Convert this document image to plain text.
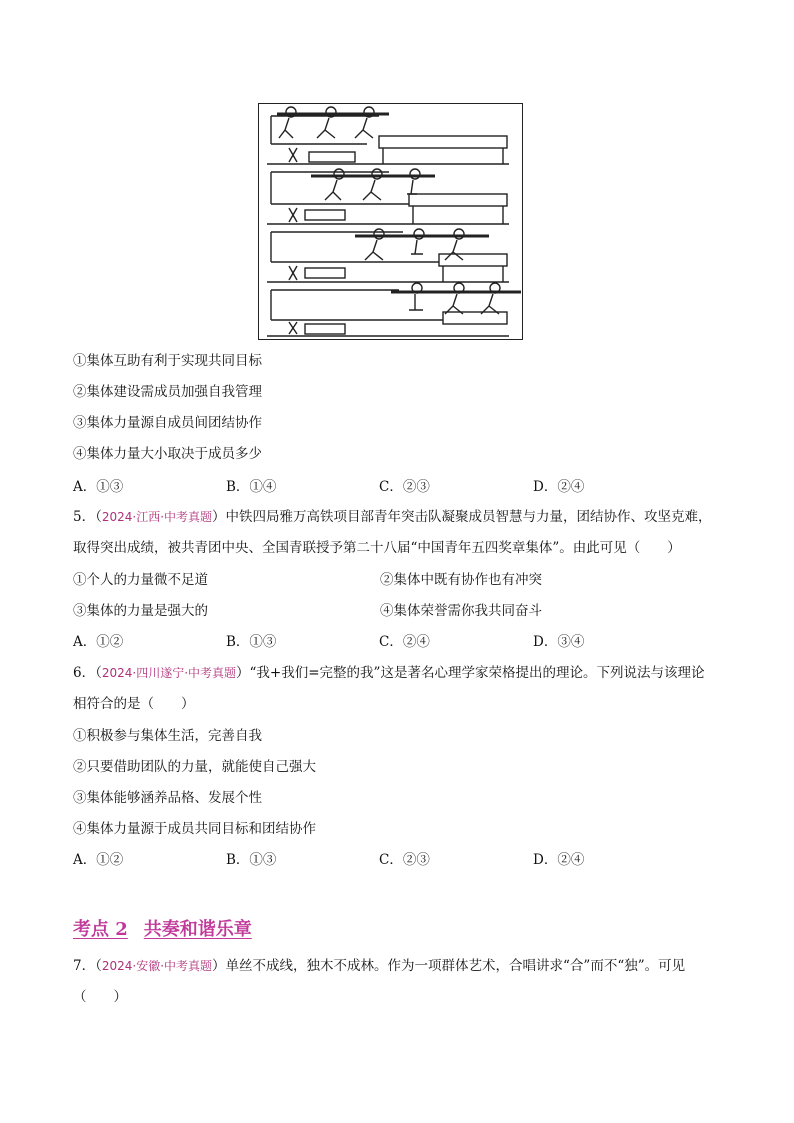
①集体互助有利于实现共同目标
②集体建设需成员加强自我管理
③集体力量源自成员间团结协作
④集体力量大小取决于成员多少
A．①③	B．①④	C．②③	D．②④
5．（2024·江西·中考真题）中铁四局雅万高铁项目部青年突击队凝聚成员智慧与力量，团结协作、攻坚克难，
取得突出成绩，被共青团中央、全国青联授予第二十八届“中国青年五四奖章集体”。由此可见（　　）
①个人的力量微不足道	②集体中既有协作也有冲突
③集体的力量是强大的	④集体荣誉需你我共同奋斗
A．①②	B．①③	C．②④	D．③④
6．（2024·四川遂宁·中考真题）“我+我们=完整的我”这是著名心理学家荣格提出的理论。下列说法与该理论
相符合的是（　　）
①积极参与集体生活，完善自我
②只要借助团队的力量，就能使自己强大
③集体能够涵养品格、发展个性
④集体力量源于成员共同目标和团结协作
A．①②	B．①③	C．②③	D．②④
考点 2 共奏和谐乐章
7．（2024·安徽·中考真题）单丝不成线，独木不成林。作为一项群体艺术，合唱讲求“合”而不“独”。可见
（　　）
